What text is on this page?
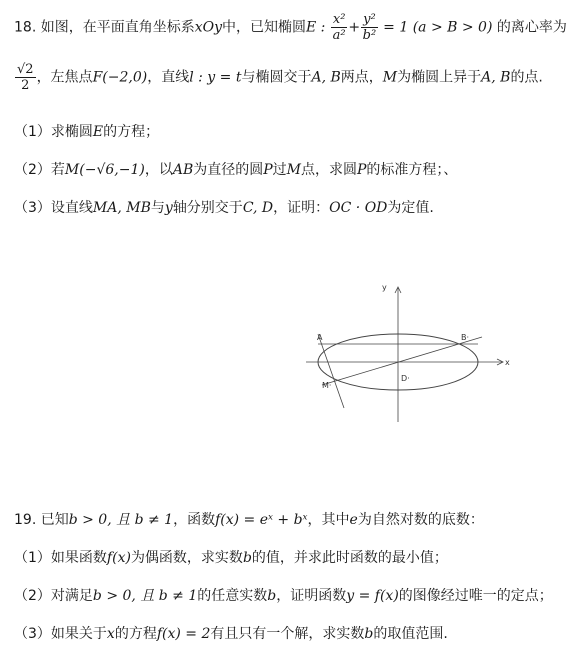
18. 如图，在平面直角坐标系xOy中，已知椭圆E : $\frac{\text{x²}}{\text{a²}} + \frac{\text{y²}}{\text{b²}} = 1$ (a > B > 0) 的离心率为
$\frac{√2}{2}$ ，左焦点F(−2,0)，直线l : y = t与椭圆交于A, B两点，M为椭圆上异于A, B的点.
（1）求椭圆E的方程；
（2）若M(−√6,−1)，以AB为直径的圆P过M点，求圆P的标准方程；、
（3）设直线MA, MB与y轴分别交于C, D，证明：OC · OD为定值.
y
x
A	B·
M·
D·
19. 已知b > 0, 且 b ≠ 1，函数f(x) = eˣ + bˣ，其中e为自然对数的底数：
（1）如果函数f(x)为偶函数，求实数b的值，并求此时函数的最小值；
（2）对满足b > 0, 且 b ≠ 1的任意实数b，证明函数y = f(x)的图像经过唯一的定点；
（3）如果关于x的方程f(x) = 2有且只有一个解，求实数b的取值范围.
